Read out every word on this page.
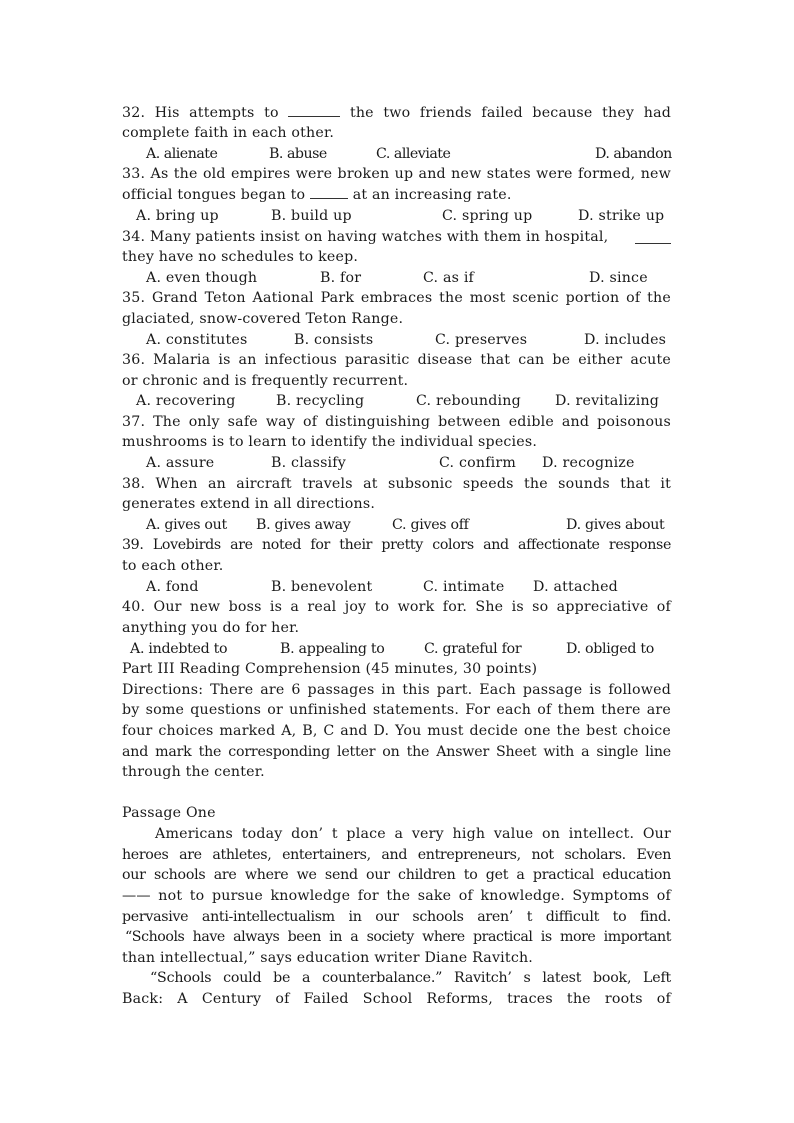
32. His attempts to	the two friends failed because they had
complete faith in each other.
A. alienate	B. abuse	C. alleviate	D. abandon
33. As the old empires were broken up and new states were formed, new
official tongues began to	at an increasing rate.
A. bring up	B. build up	C. spring up	D. strike up
34. Many patients insist on having watches with them in hospital,
they have no schedules to keep.
A. even though	B. for	C. as if	D. since
35. Grand Teton Aational Park embraces the most scenic portion of the
glaciated, snow-covered Teton Range.
A. constitutes	B. consists	C. preserves	D. includes
36. Malaria is an infectious parasitic disease that can be either acute
or chronic and is frequently recurrent.
A. recovering	B. recycling	C. rebounding D. revitalizing
37. The only safe way of distinguishing between edible and poisonous
mushrooms is to learn to identify the individual species.
A. assure	B. classify	C. confirm D. recognize
38. When an aircraft travels at subsonic speeds the sounds that it
generates extend in all directions.
A. gives out B. gives away	C. gives off	D. gives about
39. Lovebirds are noted for their pretty colors and affectionate response
to each other.
A. fond	B. benevolent	C. intimate D. attached
40. Our new boss is a real joy to work for. She is so appreciative of
anything you do for her.
A. indebted to	B. appealing to	C. grateful for	D. obliged to
Part III Reading Comprehension (45 minutes, 30 points)
Directions: There are 6 passages in this part. Each passage is followed
by some questions or unfinished statements. For each of them there are
four choices marked A, B, C and D. You must decide one the best choice
and mark the corresponding letter on the Answer Sheet with a single line
through the center.
Passage One
Americans today don’ t place a very high value on intellect. Our
heroes are athletes, entertainers, and entrepreneurs, not scholars. Even
our schools are where we send our children to get a practical education
—— not to pursue knowledge for the sake of knowledge. Symptoms of
pervasive anti-intellectualism in our schools aren’ t difficult to find.
“Schools have always been in a society where practical is more important
than intellectual,” says education writer Diane Ravitch.
“Schools could be a counterbalance.” Ravitch’ s latest book, Left
Back: A Century of Failed School Reforms, traces the roots of
